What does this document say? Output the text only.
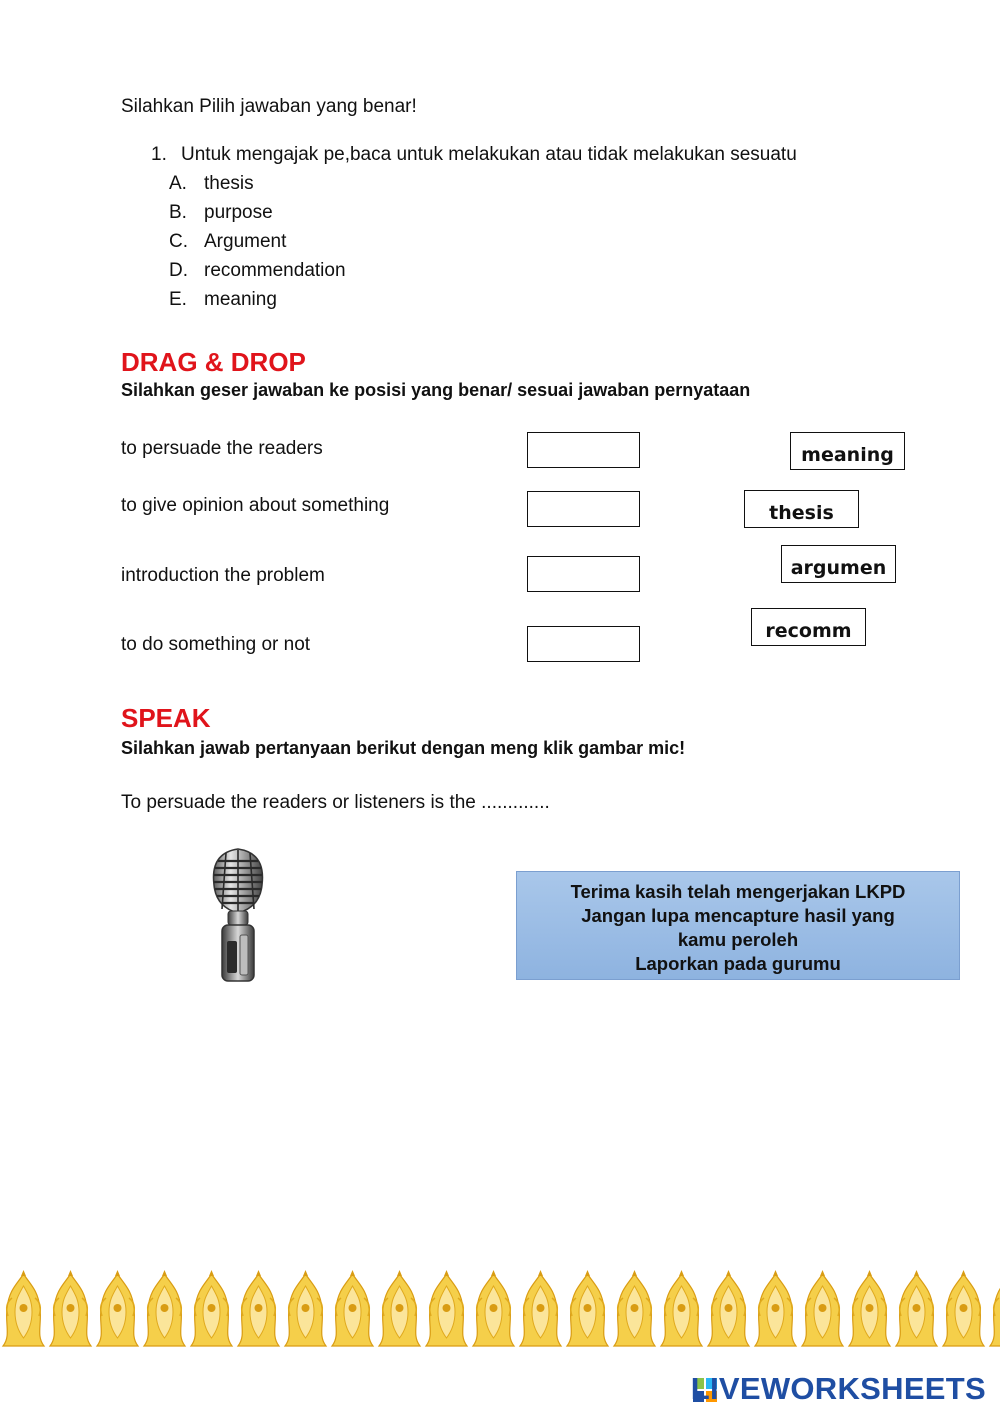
Silahkan Pilih jawaban yang benar!
1. Untuk mengajak pe,baca untuk melakukan atau tidak melakukan sesuatu
A. thesis
B. purpose
C. Argument
D. recommendation
E. meaning
DRAG & DROP
Silahkan geser jawaban ke posisi yang benar/ sesuai jawaban pernyataan
to persuade the readers
to give opinion about something
introduction the problem
to do something or not
meaning
thesis
argumen
recomm
SPEAK
Silahkan jawab pertanyaan berikut dengan meng klik gambar mic!
To persuade the readers or listeners is the .............
Terima kasih telah mengerjakan LKPD
Jangan lupa mencapture hasil yang
kamu peroleh
Laporkan pada gurumu
LIVEWORKSHEETS
